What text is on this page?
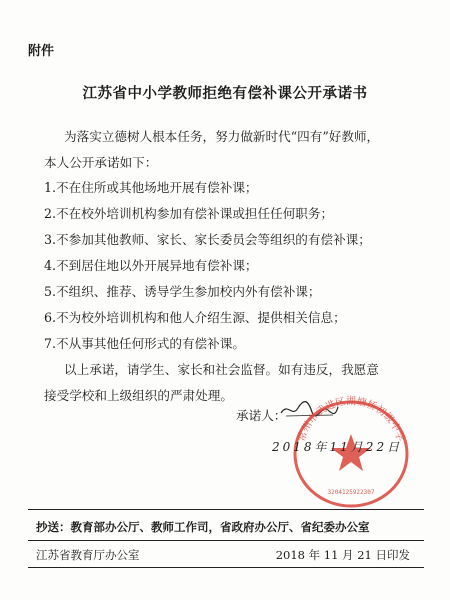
附件
江苏省中小学教师拒绝有偿补课公开承诺书
为落实立德树人根本任务，努力做新时代“四有”好教师，
本人公开承诺如下：
1.不在住所或其他场地开展有偿补课；
2.不在校外培训机构参加有偿补课或担任任何职务；
3.不参加其他教师、家长、家长委员会等组织的有偿补课；
4.不到居住地以外开展异地有偿补课；
5.不组织、推荐、诱导学生参加校内外有偿补课；
6.不为校外培训机构和他人介绍生源、提供相关信息；
7.不从事其他任何形式的有偿补课。
以上承诺，请学生、家长和社会监督。如有违反，我愿意
接受学校和上级组织的严肃处理。
承诺人：
常州市武进区湖塘桥初级中学
3204125922307
2018年11月22日
抄送：教育部办公厅、教师工作司，省政府办公厅、省纪委办公室
江苏省教育厅办公室	2018 年 11 月 21 日印发
